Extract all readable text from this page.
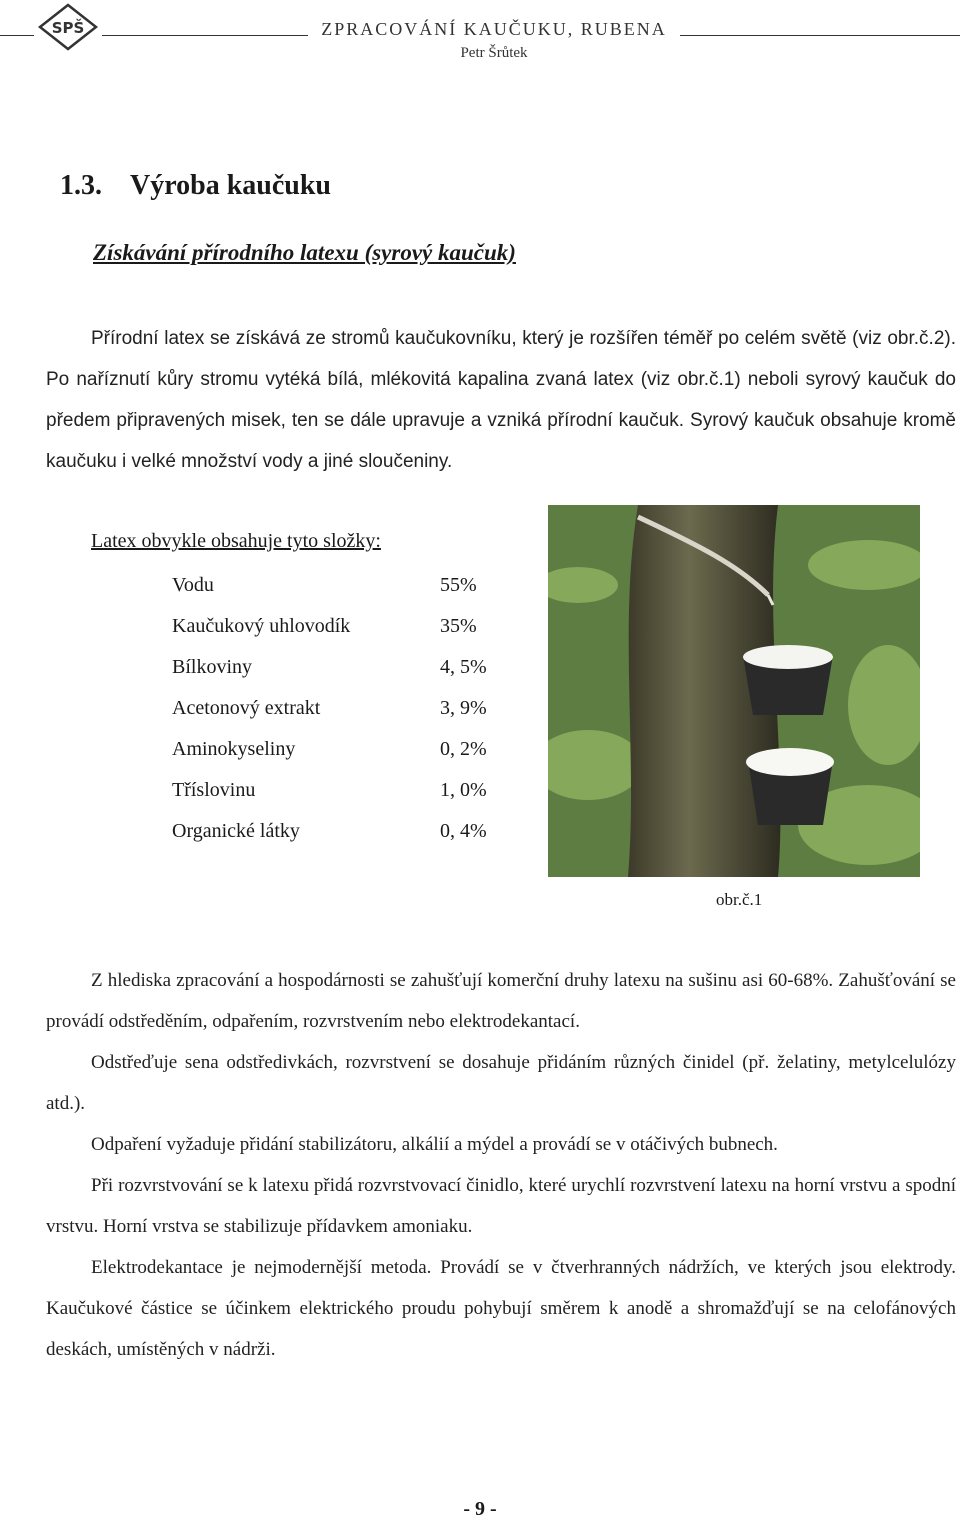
SPŠ	ZPRACOVÁNÍ KAUČUKU, RUBENA
Petr Šrůtek
1.3. Výroba kaučuku
Získávání přírodního latexu (syrový kaučuk)

Přírodní latex se získává ze stromů kaučukovníku, který je rozšířen téměř po celém světě (viz obr.č.2). Po naříznutí kůry stromu vytéká bílá, mlékovitá kapalina zvaná latex (viz obr.č.1) neboli syrový kaučuk do předem připravených misek, ten se dále upravuje a vzniká přírodní kaučuk. Syrový kaučuk obsahuje kromě kaučuku i velké množství vody a jiné sloučeniny.

Latex obvykle obsahuje tyto složky:
Vodu	55%
Kaučukový uhlovodík	35%
Bílkoviny	4, 5%
Acetonový extrakt	3, 9%
Aminokyseliny	0, 2%
Tříslovinu	1, 0%
Organické látky	0, 4%
obr.č.1
Z hlediska zpracování a hospodárnosti se zahušťují komerční druhy latexu na sušinu asi 60-68%. Zahušťování se provádí odstředěním, odpařením, rozvrstvením nebo elektrodekantací.
Odstřeďuje sena odstředivkách, rozvrstvení se dosahuje přidáním různých činidel (př. želatiny, metylcelulózy atd.).
Odpaření vyžaduje přidání stabilizátoru, alkálií a mýdel a provádí se v otáčivých bubnech.
Při rozvrstvování se k latexu přidá rozvrstvovací činidlo, které urychlí rozvrstvení latexu na horní vrstvu a spodní vrstvu. Horní vrstva se stabilizuje přídavkem amoniaku.
Elektrodekantace je nejmodernější metoda. Provádí se v čtverhranných nádržích, ve kterých jsou elektrody. Kaučukové částice se účinkem elektrického proudu pohybují směrem k anodě a shromažďují se na celofánových deskách, umístěných v nádrži.
- 9 -
